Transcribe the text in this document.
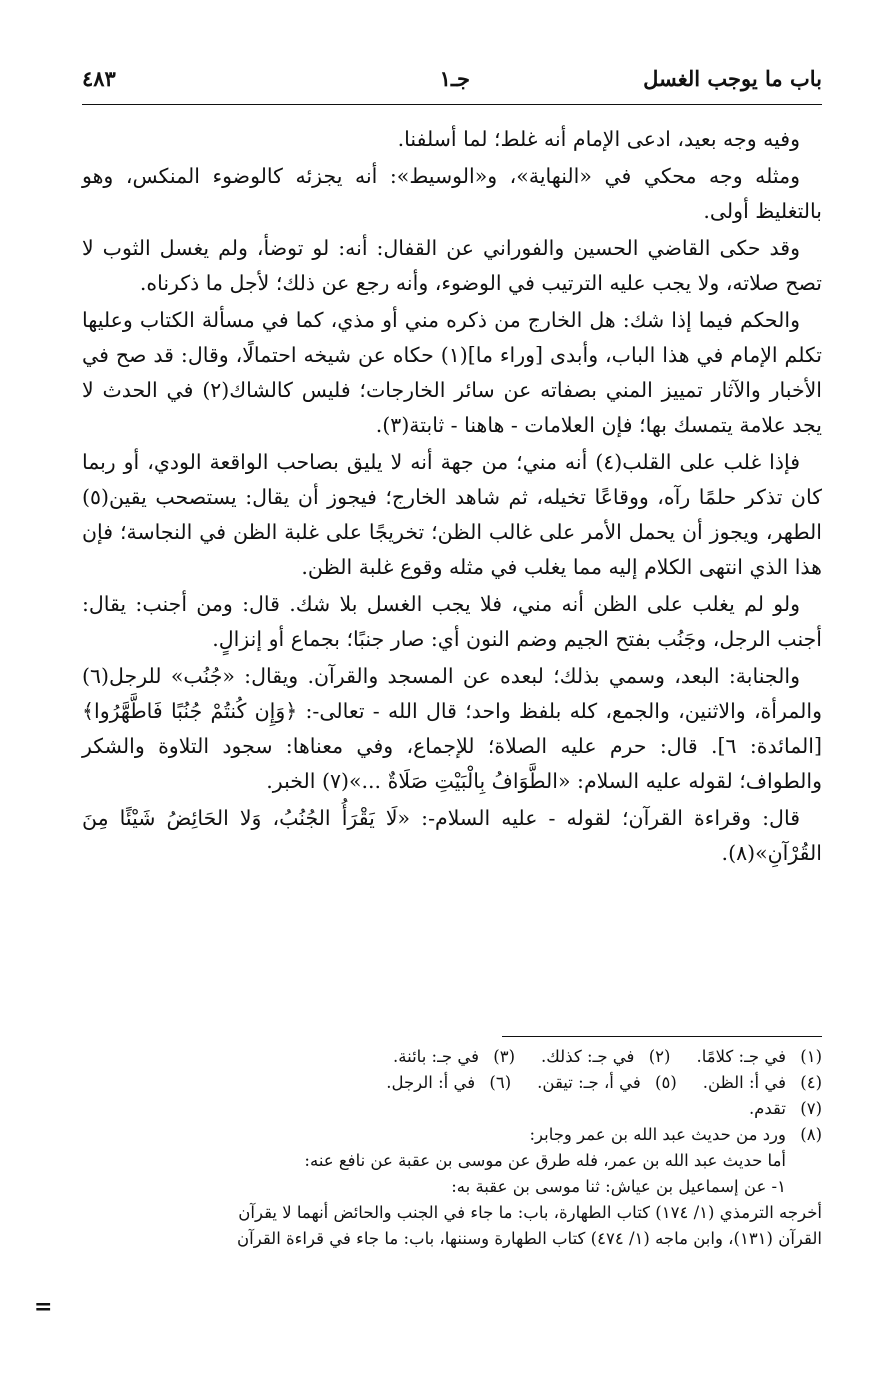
باب ما يوجب الغسل
جـ١
٤٨٣

وفيه وجه بعيد، ادعى الإمام أنه غلط؛ لما أسلفنا.

ومثله وجه محكي في «النهاية»، و«الوسيط»: أنه يجزئه كالوضوء المنكس، وهو بالتغليظ أولى.

وقد حكى القاضي الحسين والفوراني عن القفال: أنه: لو توضأ، ولم يغسل الثوب لا تصح صلاته، ولا يجب عليه الترتيب في الوضوء، وأنه رجع عن ذلك؛ لأجل ما ذكرناه.

والحكم فيما إذا شك: هل الخارج من ذكره مني أو مذي، كما في مسألة الكتاب وعليها تكلم الإمام في هذا الباب، وأبدى [وراء ما](١) حكاه عن شيخه احتمالًا، وقال: قد صح في الأخبار والآثار تمييز المني بصفاته عن سائر الخارجات؛ فليس كالشاك(٢) في الحدث لا يجد علامة يتمسك بها؛ فإن العلامات - هاهنا - ثابتة(٣).

فإذا غلب على القلب(٤) أنه مني؛ من جهة أنه لا يليق بصاحب الواقعة الودي، أو ربما كان تذكر حلمًا رآه، ووقاعًا تخيله، ثم شاهد الخارج؛ فيجوز أن يقال: يستصحب يقين(٥) الطهر، ويجوز أن يحمل الأمر على غالب الظن؛ تخريجًا على غلبة الظن في النجاسة؛ فإن هذا الذي انتهى الكلام إليه مما يغلب في مثله وقوع غلبة الظن.

ولو لم يغلب على الظن أنه مني، فلا يجب الغسل بلا شك. قال: ومن أجنب: يقال: أجنب الرجل، وجَنُب بفتح الجيم وضم النون أي: صار جنبًا؛ بجماع أو إنزالٍ.

والجنابة: البعد، وسمي بذلك؛ لبعده عن المسجد والقرآن. ويقال: «جُنُب» للرجل(٦) والمرأة، والاثنين، والجمع، كله بلفظ واحد؛ قال الله - تعالى-: ﴿وَإِن كُنتُمْ جُنُبًا فَاطَّهَّرُوا﴾ [المائدة: ٦]. قال: حرم عليه الصلاة؛ للإجماع، وفي معناها: سجود التلاوة والشكر والطواف؛ لقوله عليه السلام: «الطَّوَافُ بِالْبَيْتِ صَلَاةٌ ...»(٧) الخبر.

قال: وقراءة القرآن؛ لقوله - عليه السلام-: «لَا يَقْرَأُ الجُنُبُ، وَلا الحَائِضُ شَيْئًا مِنَ القُرْآنِ»(٨).

(١)
في جـ: كلامًا.
(٢)
في جـ: كذلك.
(٣)
في جـ: بائنة.
(٤)
في أ: الظن.
(٥)
في أ، جـ: تيقن.
(٦)
في أ: الرجل.
(٧)
تقدم.
(٨)
ورد من حديث عبد الله بن عمر وجابر:
أما حديث عبد الله بن عمر، فله طرق عن موسى بن عقبة عن نافع عنه:
١- عن إسماعيل بن عياش: ثنا موسى بن عقبة به:
أخرجه الترمذي (١/ ١٧٤) كتاب الطهارة، باب: ما جاء في الجنب والحائض أنهما لا يقرآن
القرآن (١٣١)، وابن ماجه (١/ ٤٧٤) كتاب الطهارة وسننها، باب: ما جاء في قراءة القرآن
=
